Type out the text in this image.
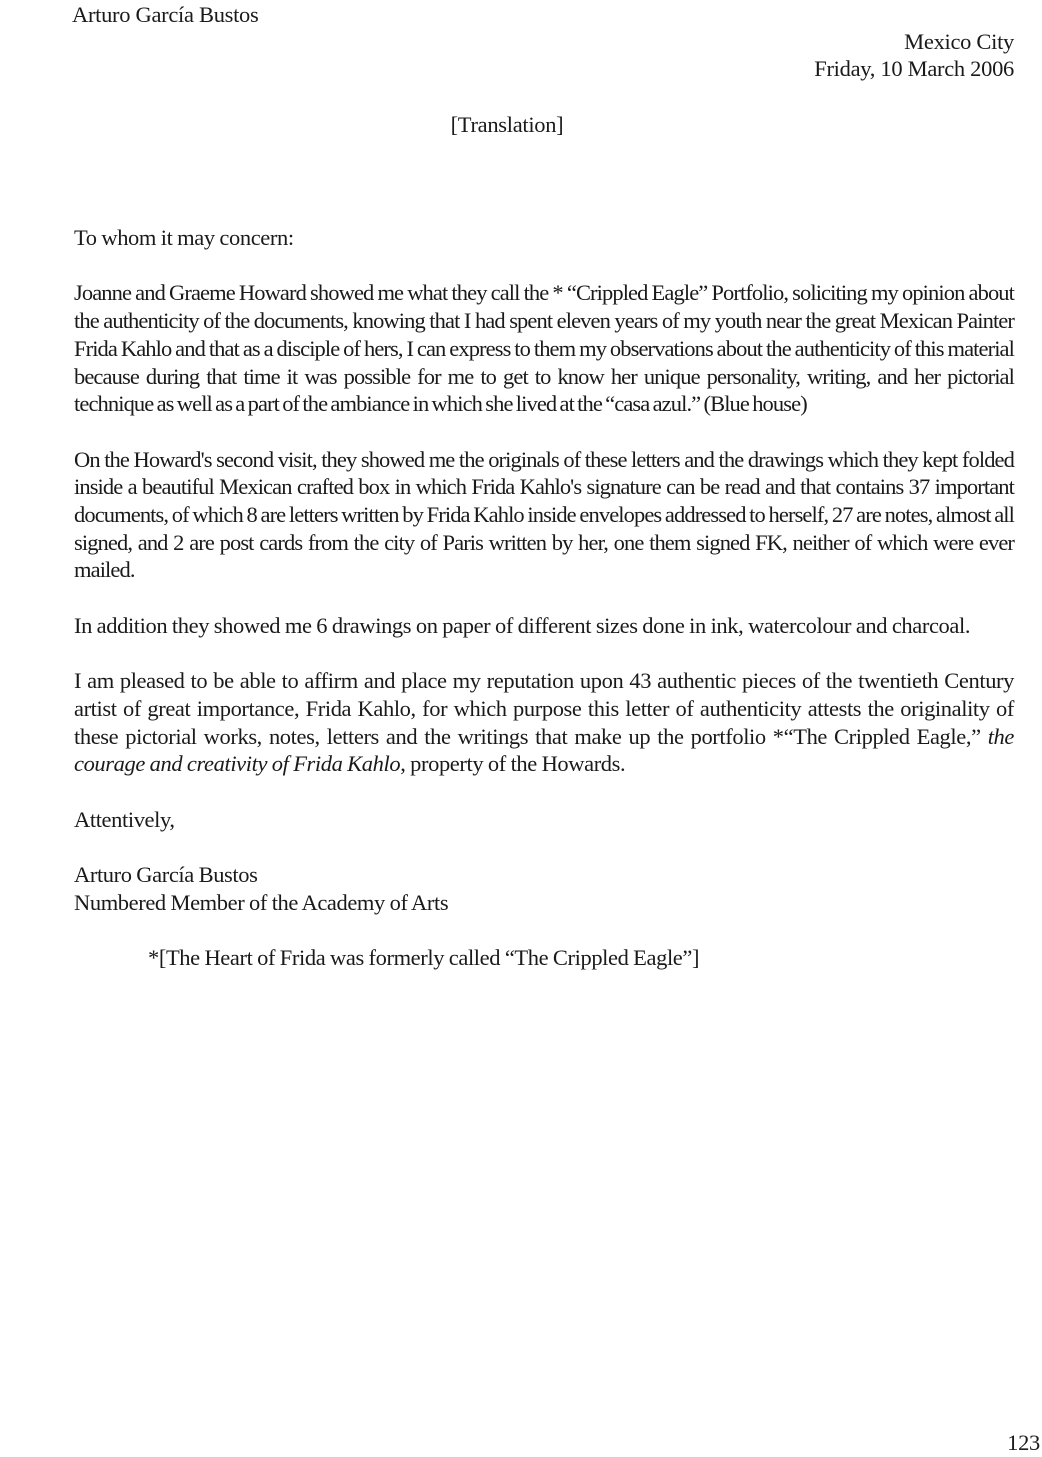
Arturo García Bustos
Mexico City
Friday, 10 March 2006
[Translation]

To whom it may concern:

Joanne and Graeme Howard showed me what they call the * “Crippled Eagle” Portfolio, soliciting my opinion about the authenticity of the documents, knowing that I had spent eleven years of my youth near the great Mexican Painter Frida Kahlo and that as a disciple of hers, I can express to them my observations about the authenticity of this material because during that time it was possible for me to get to know her unique personality, writing, and her pictorial technique as well as a part of the ambiance in which she lived at the “casa azul.” (Blue house)

On the Howard's second visit, they showed me the originals of these letters and the drawings which they kept folded inside a beautiful Mexican crafted box in which Frida Kahlo's signature can be read and that contains 37 important documents, of which 8 are letters written by Frida Kahlo inside envelopes addressed to herself, 27 are notes, almost all signed, and 2 are post cards from the city of Paris written by her, one them signed FK, neither of which were ever mailed.

In addition they showed me 6 drawings on paper of different sizes done in ink, watercolour and charcoal.

I am pleased to be able to affirm and place my reputation upon 43 authentic pieces of the twentieth Century artist of great importance, Frida Kahlo, for which purpose this letter of authenticity attests the originality of these pictorial works, notes, letters and the writings that make up the portfolio *“The Crippled Eagle,” the courage and creativity of Frida Kahlo, property of the Howards.

Attentively,

Arturo García Bustos

Numbered Member of the Academy of Arts

*[The Heart of Frida was formerly called “The Crippled Eagle”]

123
